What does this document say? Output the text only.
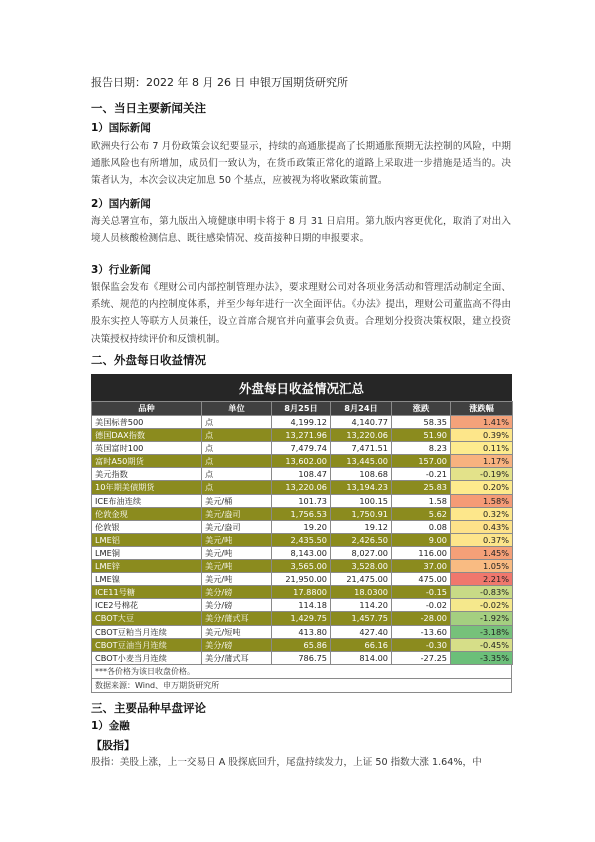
报告日期：2022 年 8 月 26 日 申银万国期货研究所
一、当日主要新闻关注
1）国际新闻
欧洲央行公布 7 月份政策会议纪要显示，持续的高通胀提高了长期通胀预期无法控制的风险，中期通胀风险也有所增加，成员们一致认为，在货币政策正常化的道路上采取进一步措施是适当的。决策者认为，本次会议决定加息 50 个基点，应被视为将收紧政策前置。
2）国内新闻
海关总署宣布，第九版出入境健康申明卡将于 8 月 31 日启用。第九版内容更优化，取消了对出入境人员核酸检测信息、既往感染情况、疫苗接种日期的申报要求。
3）行业新闻
银保监会发布《理财公司内部控制管理办法》，要求理财公司对各项业务活动和管理活动制定全面、系统、规范的内控制度体系，并至少每年进行一次全面评估。《办法》提出，理财公司董监高不得由股东实控人等联方人员兼任，设立首席合规官并向董事会负责。合理划分投资决策权限，建立投资决策授权持续评价和反馈机制。
二、外盘每日收益情况
外盘每日收益情况汇总
品种	单位	8月25日	8月24日	涨跌	涨跌幅
美国标普500	点	4,199.12	4,140.77	58.35	1.41%
德国DAX指数	点	13,271.96	13,220.06	51.90	0.39%
英国富时100	点	7,479.74	7,471.51	8.23	0.11%
富时A50期货	点	13,602.00	13,445.00	157.00	1.17%
美元指数	点	108.47	108.68	-0.21	-0.19%
10年期美债期货	点	13,220.06	13,194.23	25.83	0.20%
ICE布油连续	美元/桶	101.73	100.15	1.58	1.58%
伦敦金现	美元/盎司	1,756.53	1,750.91	5.62	0.32%
伦敦银	美元/盎司	19.20	19.12	0.08	0.43%
LME铝	美元/吨	2,435.50	2,426.50	9.00	0.37%
LME铜	美元/吨	8,143.00	8,027.00	116.00	1.45%
LME锌	美元/吨	3,565.00	3,528.00	37.00	1.05%
LME镍	美元/吨	21,950.00	21,475.00	475.00	2.21%
ICE11号糖	美分/磅	17.8800	18.0300	-0.15	-0.83%
ICE2号棉花	美分/磅	114.18	114.20	-0.02	-0.02%
CBOT大豆	美分/蒲式耳	1,429.75	1,457.75	-28.00	-1.92%
CBOT豆粕当月连续	美元/短吨	413.80	427.40	-13.60	-3.18%
CBOT豆油当月连续	美分/磅	65.86	66.16	-0.30	-0.45%
CBOT小麦当月连续	美分/蒲式耳	786.75	814.00	-27.25	-3.35%
***各价格为该日收盘价格。
数据来源：Wind、申万期货研究所
三、主要品种早盘评论
1）金融
【股指】
股指：美股上涨，上一交易日 A 股探底回升，尾盘持续发力，上证 50 指数大涨 1.64%，中
